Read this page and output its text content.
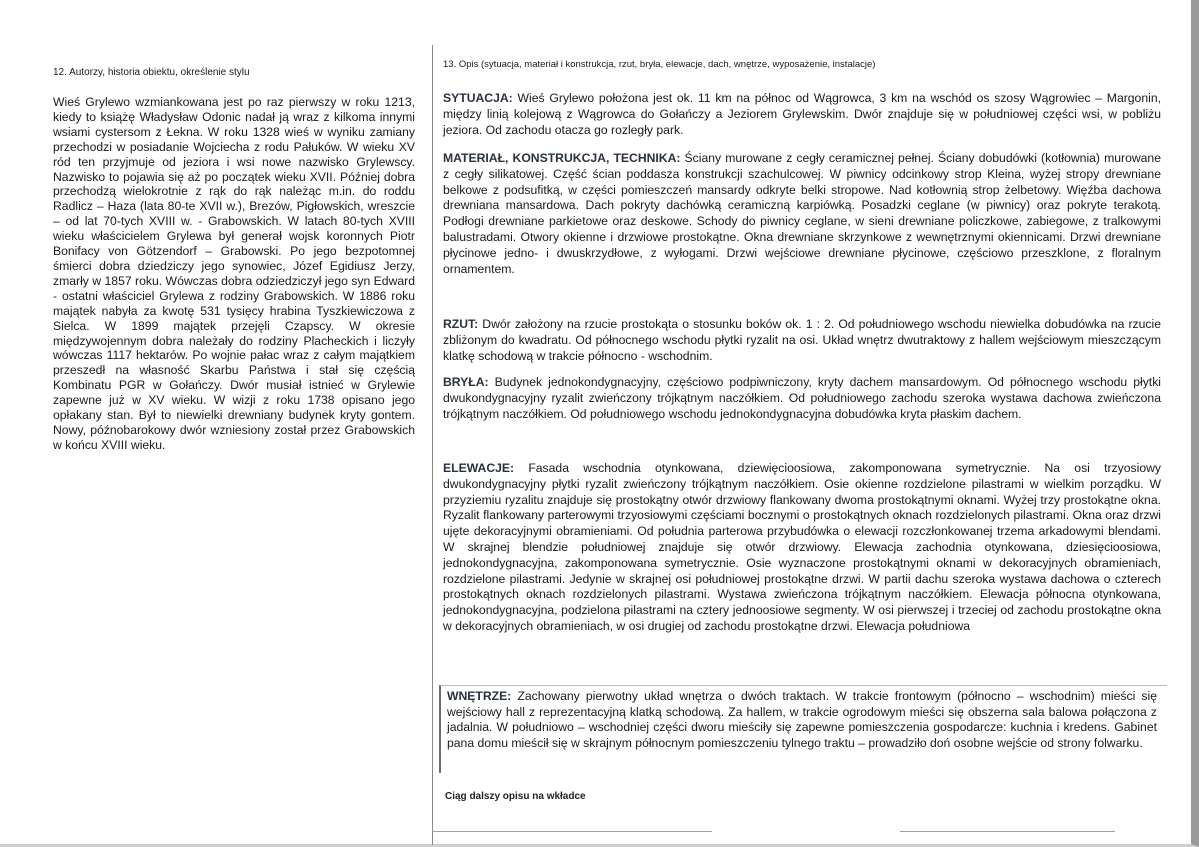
12. Autorzy, historia obiektu, określenie stylu
Wieś Grylewo wzmiankowana jest po raz pierwszy w roku 1213, kiedy to książę Władysław Odonic nadał ją wraz z kilkoma innymi wsiami cystersom z Łekna. W roku 1328 wieś w wyniku zamiany przechodzi w posiadanie Wojciecha z rodu Pałuków. W wieku XV ród ten przyjmuje od jeziora i wsi nowe nazwisko Grylewscy. Nazwisko to pojawia się aż po początek wieku XVII. Później dobra przechodzą wielokrotnie z rąk do rąk należąc m.in. do roddu Radlicz – Haza (lata 80-te XVII w.), Brezów, Pigłowskich, wreszcie – od lat 70-tych XVIII w. - Grabowskich. W latach 80-tych XVIII wieku właścicielem Grylewa był generał wojsk koronnych Piotr Bonifacy von Götzendorf – Grabowski. Po jego bezpotomnej śmierci dobra dziedziczy jego synowiec, Józef Egidiusz Jerzy, zmarły w 1857 roku. Wówczas dobra odziedziczył jego syn Edward - ostatni właściciel Grylewa z rodziny Grabowskich. W 1886 roku majątek nabyła za kwotę 531 tysięcy hrabina Tyszkiewiczowa z Sielca. W 1899 majątek przejęli Czapscy. W okresie międzywojennym dobra należały do rodziny Placheckich i liczyły wówczas 1117 hektarów. Po wojnie pałac wraz z całym majątkiem przeszedł na własność Skarbu Państwa i stał się częścią Kombinatu PGR w Gołańczy. Dwór musiał istnieć w Grylewie zapewne już w XV wieku. W wizji z roku 1738 opisano jego opłakany stan. Był to niewielki drewniany budynek kryty gontem. Nowy, późnobarokowy dwór wzniesiony został przez Grabowskich w końcu XVIII wieku.
13. Opis (sytuacja, materiał i konstrukcja, rzut, bryła, elewacje, dach, wnętrze, wyposażenie, instalacje)
SYTUACJA: Wieś Grylewo położona jest ok. 11 km na północ od Wągrowca, 3 km na wschód os szosy Wągrowiec – Margonin, między linią kolejową z Wągrowca do Gołańczy a Jeziorem Grylewskim. Dwór znajduje się w południowej części wsi, w pobliżu jeziora. Od zachodu otacza go rozległy park.
MATERIAŁ, KONSTRUKCJA, TECHNIKA: Ściany murowane z cegły ceramicznej pełnej. Ściany dobudówki (kotłownia) murowane z cegły silikatowej. Część ścian poddasza konstrukcji szachulcowej. W piwnicy odcinkowy strop Kleina, wyżej stropy drewniane belkowe z podsufitką, w części pomieszczeń mansardy odkryte belki stropowe. Nad kotłownią strop żelbetowy. Więźba dachowa drewniana mansardowa. Dach pokryty dachówką ceramiczną karpiówką. Posadzki ceglane (w piwnicy) oraz pokryte terakotą. Podłogi drewniane parkietowe oraz deskowe. Schody do piwnicy ceglane, w sieni drewniane policzkowe, zabiegowe, z tralkowymi balustradami. Otwory okienne i drzwiowe prostokątne. Okna drewniane skrzynkowe z wewnętrznymi okiennicami. Drzwi drewniane płycinowe jedno- i dwuskrzydłowe, z wyłogami. Drzwi wejściowe drewniane płycinowe, częściowo przeszklone, z floralnym ornamentem.
RZUT: Dwór założony na rzucie prostokąta o stosunku boków ok. 1 : 2. Od południowego wschodu niewielka dobudówka na rzucie zbliżonym do kwadratu. Od północnego wschodu płytki ryzalit na osi. Układ wnętrz dwutraktowy z hallem wejściowym mieszczącym klatkę schodową w trakcie północno - wschodnim.
BRYŁA: Budynek jednokondygnacyjny, częściowo podpiwniczony, kryty dachem mansardowym. Od północnego wschodu płytki dwukondygnacyjny ryzalit zwieńczony trójkątnym naczółkiem. Od południowego zachodu szeroka wystawa dachowa zwieńczona trójkątnym naczółkiem. Od południowego wschodu jednokondygnacyjna dobudówka kryta płaskim dachem.
ELEWACJE: Fasada wschodnia otynkowana, dziewięcioosiowa, zakomponowana symetrycznie. Na osi trzyosiowy dwukondygnacyjny płytki ryzalit zwieńczony trójkątnym naczółkiem. Osie okienne rozdzielone pilastrami w wielkim porządku. W przyziemiu ryzalitu znajduje się prostokątny otwór drzwiowy flankowany dwoma prostokątnymi oknami. Wyżej trzy prostokątne okna. Ryzalit flankowany parterowymi trzyosiowymi częściami bocznymi o prostokątnych oknach rozdzielonych pilastrami. Okna oraz drzwi ujęte dekoracyjnymi obramieniami. Od południa parterowa przybudówka o elewacji rozczłonkowanej trzema arkadowymi blendami. W skrajnej blendzie południowej znajduje się otwór drzwiowy. Elewacja zachodnia otynkowana, dziesięcioosiowa, jednokondygnacyjna, zakomponowana symetrycznie. Osie wyznaczone prostokątnymi oknami w dekoracyjnych obramieniach, rozdzielone pilastrami. Jedynie w skrajnej osi południowej prostokątne drzwi. W partii dachu szeroka wystawa dachowa o czterech prostokątnych oknach rozdzielonych pilastrami. Wystawa zwieńczona trójkątnym naczółkiem. Elewacja północna otynkowana, jednokondygnacyjna, podzielona pilastrami na cztery jednoosiowe segmenty. W osi pierwszej i trzeciej od zachodu prostokątne okna w dekoracyjnych obramieniach, w osi drugiej od zachodu prostokątne drzwi. Elewacja południowa
WNĘTRZE: Zachowany pierwotny układ wnętrza o dwóch traktach. W trakcie frontowym (północno – wschodnim) mieści się wejściowy hall z reprezentacyjną klatką schodową. Za hallem, w trakcie ogrodowym mieści się obszerna sala balowa połączona z jadalnia. W południowo – wschodniej części dworu mieściły się zapewne pomieszczenia gospodarcze: kuchnia i kredens. Gabinet pana domu mieścił się w skrajnym północnym pomieszczeniu tylnego traktu – prowadziło doń osobne wejście od strony folwarku.
Ciąg dalszy opisu na wkładce
